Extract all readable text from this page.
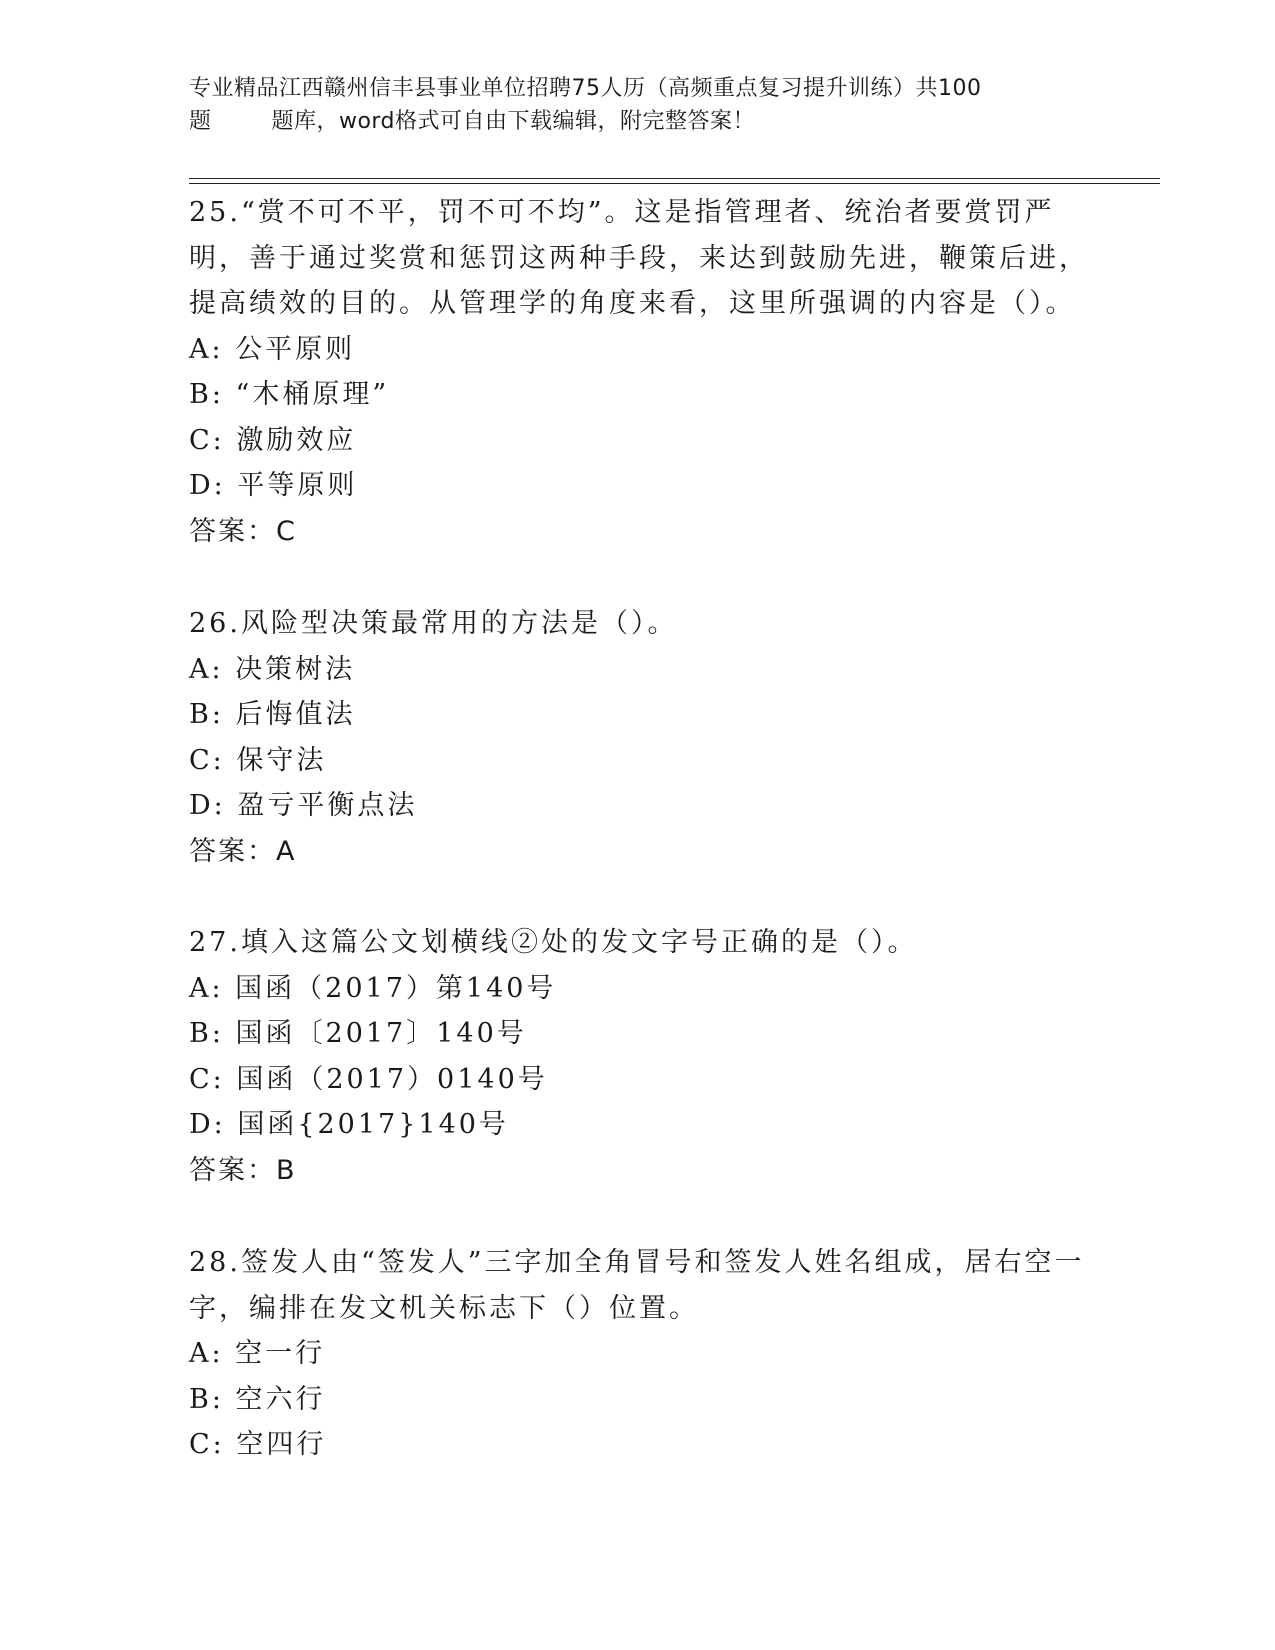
专业精品江西赣州信丰县事业单位招聘75人历（高频重点复习提升训练）共100
题        题库，word格式可自由下载编辑，附完整答案！

25.“赏不可不平，罚不可不均”。这是指管理者、统治者要赏罚严明，善于通过奖赏和惩罚这两种手段，来达到鼓励先进，鞭策后进，提高绩效的目的。从管理学的角度来看，这里所强调的内容是（）。

A: 公平原则
B: “木桶原理”
C: 激励效应
D: 平等原则
答案：C

26.风险型决策最常用的方法是（）。

A: 决策树法
B: 后悔值法
C: 保守法
D: 盈亏平衡点法
答案：A

27.填入这篇公文划横线②处的发文字号正确的是（）。

A: 国函（2017）第140号
B: 国函〔2017〕140号
C: 国函（2017）0140号
D: 国函{2017}140号
答案：B

28.签发人由“签发人”三字加全角冒号和签发人姓名组成，居右空一字，编排在发文机关标志下（）位置。

A: 空一行
B: 空六行
C: 空四行
